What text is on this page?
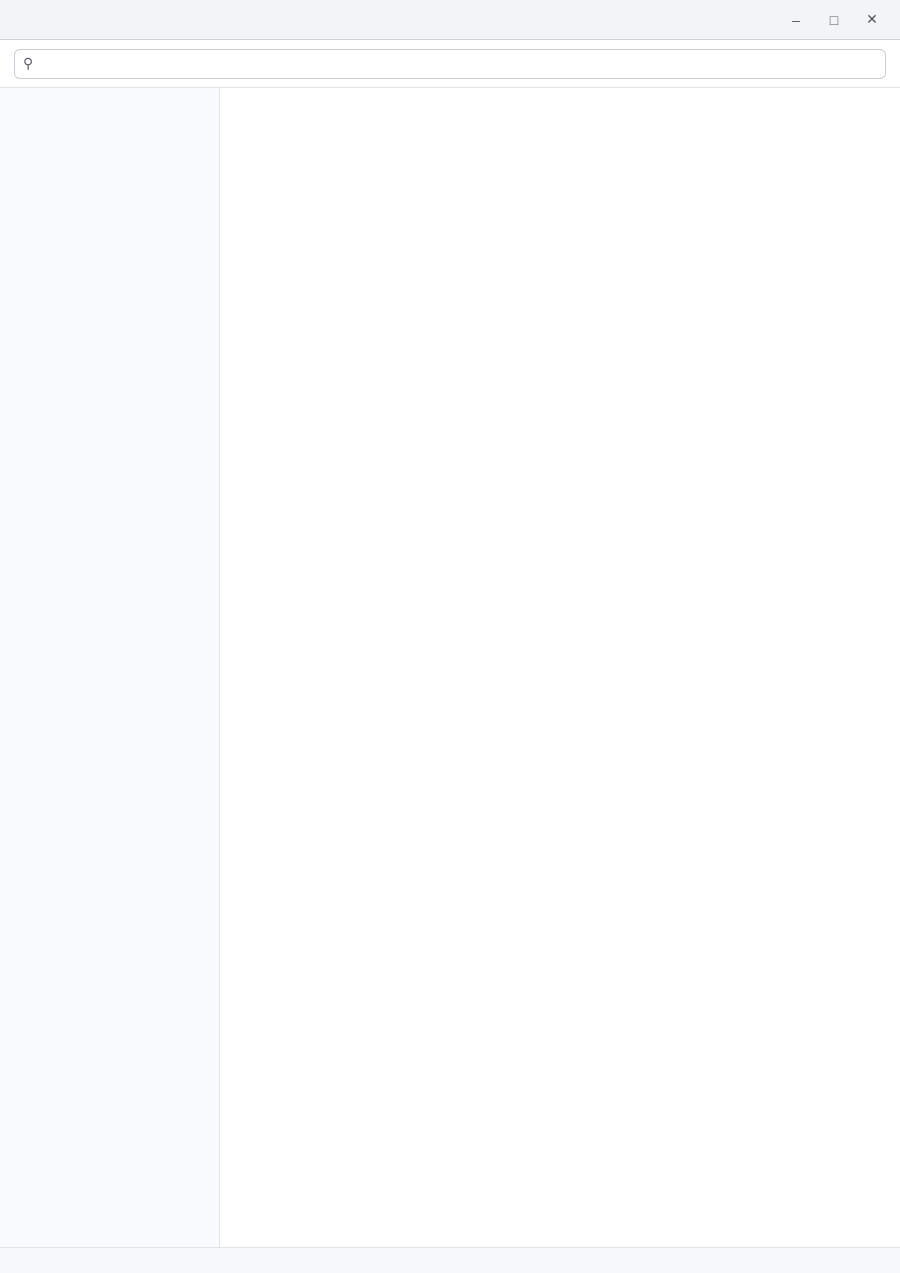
– □ ✕
⚲
